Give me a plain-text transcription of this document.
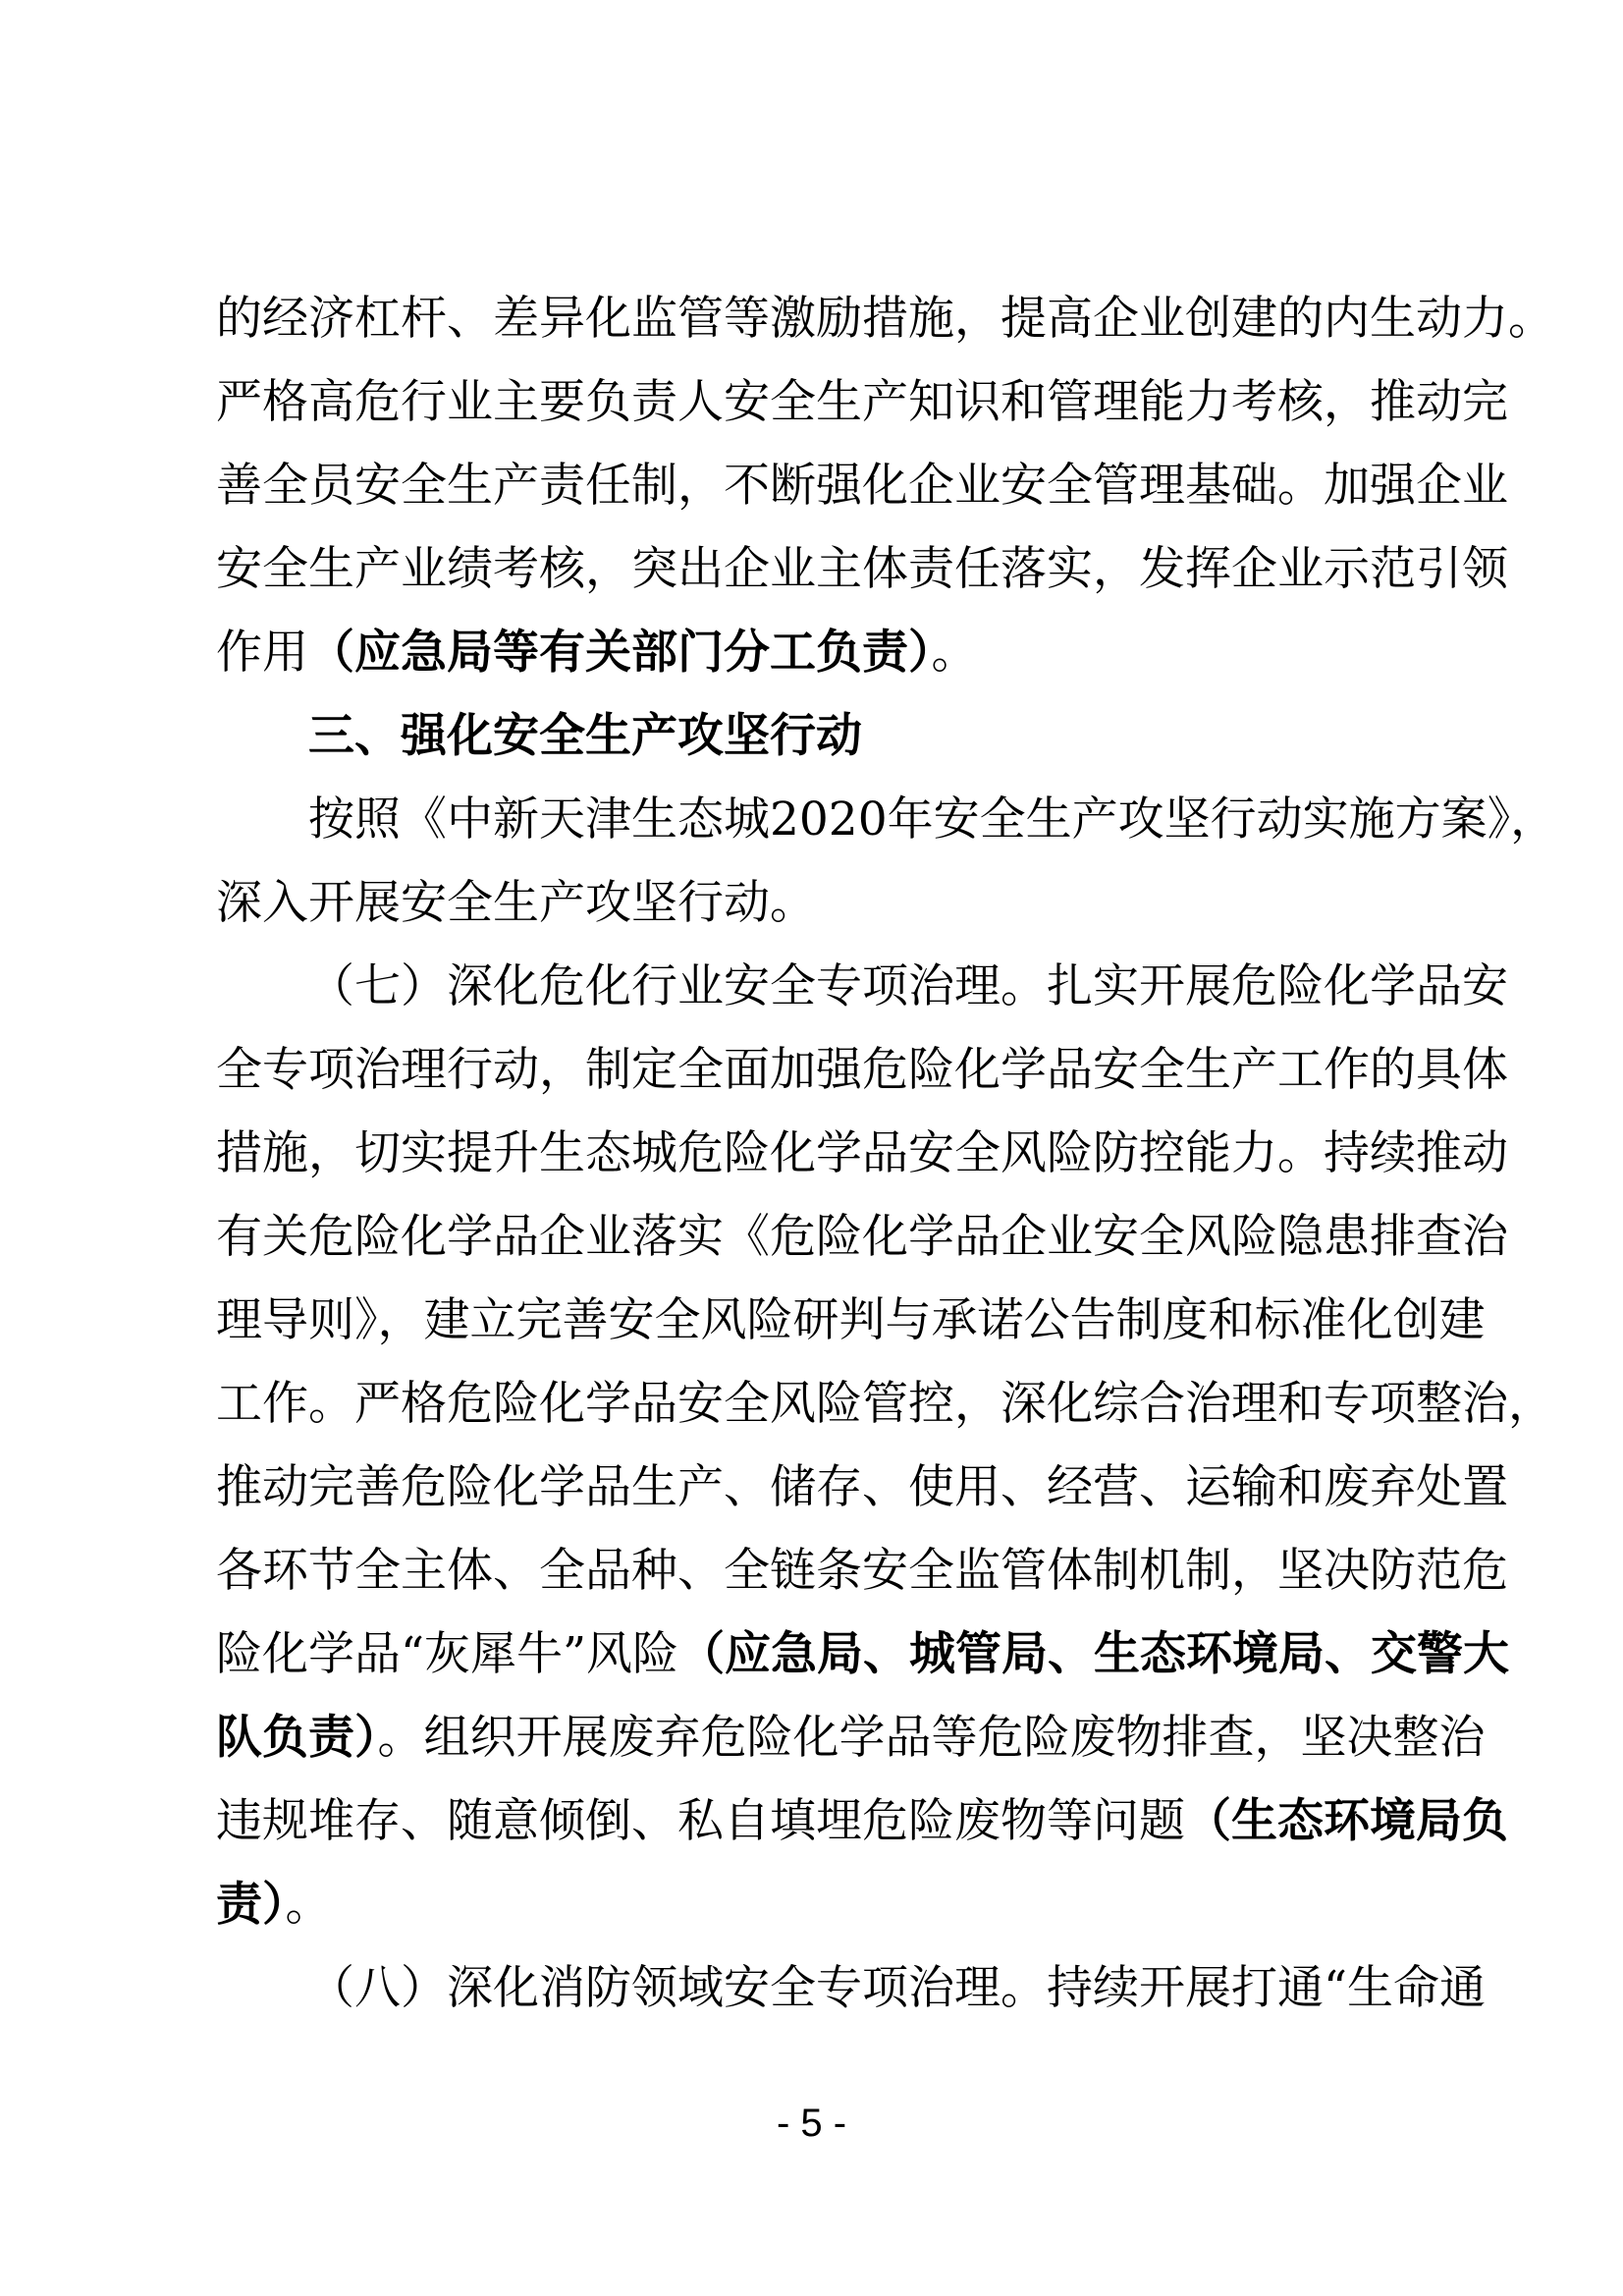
的经济杠杆、差异化监管等激励措施，提高企业创建的内生动力。
严格高危行业主要负责人安全生产知识和管理能力考核，推动完
善全员安全生产责任制，不断强化企业安全管理基础。加强企业
安全生产业绩考核，突出企业主体责任落实，发挥企业示范引领
作用（应急局等有关部门分工负责）。
三、强化安全生产攻坚行动
按照《中新天津生态城2020年安全生产攻坚行动实施方案》，
深入开展安全生产攻坚行动。
（七）深化危化行业安全专项治理。扎实开展危险化学品安
全专项治理行动，制定全面加强危险化学品安全生产工作的具体
措施，切实提升生态城危险化学品安全风险防控能力。持续推动
有关危险化学品企业落实《危险化学品企业安全风险隐患排查治
理导则》，建立完善安全风险研判与承诺公告制度和标准化创建
工作。严格危险化学品安全风险管控，深化综合治理和专项整治，
推动完善危险化学品生产、储存、使用、经营、运输和废弃处置
各环节全主体、全品种、全链条安全监管体制机制，坚决防范危
险化学品“灰犀牛”风险（应急局、城管局、生态环境局、交警大
队负责）。组织开展废弃危险化学品等危险废物排查，坚决整治
违规堆存、随意倾倒、私自填埋危险废物等问题（生态环境局负
责）。
（八）深化消防领域安全专项治理。持续开展打通“生命通
- 5 -
